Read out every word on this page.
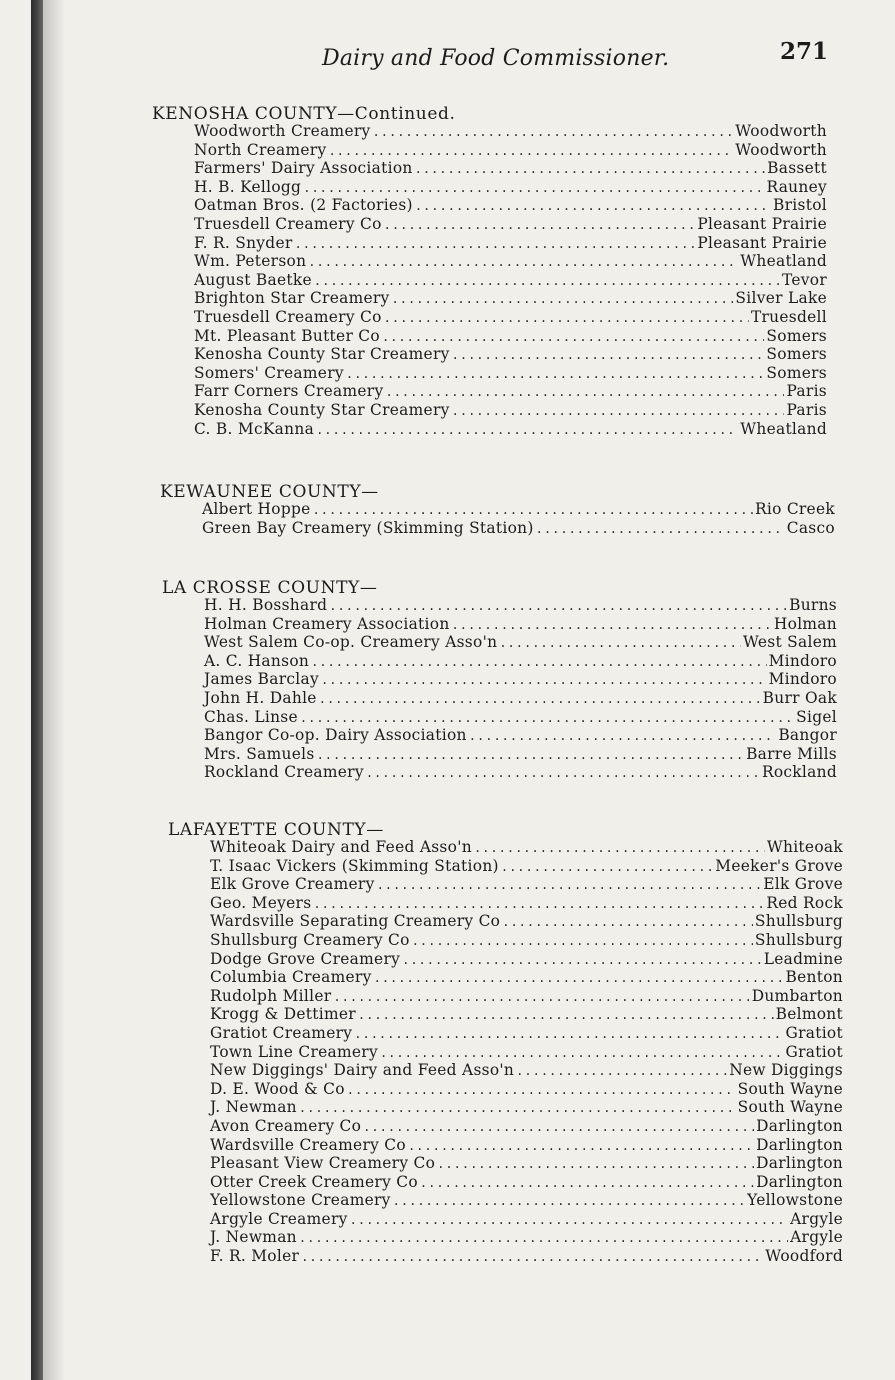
Dairy and Food Commissioner.	271
KENOSHA COUNTY—Continued.
Woodworth Creamery .....	Woodworth
North Creamery .....	Woodworth
Farmers' Dairy Association .....	Bassett
H. B. Kellogg .....	Rauney
Oatman Bros. (2 Factories) .....	Bristol
Truesdell Creamery Co .....	Pleasant Prairie
F. R. Snyder .....	Pleasant Prairie
Wm. Peterson .....	Wheatland
August Baetke .....	Tevor
Brighton Star Creamery .....	Silver Lake
Truesdell Creamery Co .....	Truesdell
Mt. Pleasant Butter Co .....	Somers
Kenosha County Star Creamery .....	Somers
Somers' Creamery .....	Somers
Farr Corners Creamery .....	Paris
Kenosha County Star Creamery .....	Paris
C. B. McKanna .....	Wheatland
KEWAUNEE COUNTY—
Albert Hoppe .....	Rio Creek
Green Bay Creamery (Skimming Station) .....	Casco
LA CROSSE COUNTY—
H. H. Bosshard .....	Burns
Holman Creamery Association .....	Holman
West Salem Co-op. Creamery Asso'n .....	West Salem
A. C. Hanson .....	Mindoro
James Barclay .....	Mindoro
John H. Dahle .....	Burr Oak
Chas. Linse .....	Sigel
Bangor Co-op. Dairy Association .....	Bangor
Mrs. Samuels .....	Barre Mills
Rockland Creamery .....	Rockland
LAFAYETTE COUNTY—
Whiteoak Dairy and Feed Asso'n .....	Whiteoak
T. Isaac Vickers (Skimming Station) .....	Meeker's Grove
Elk Grove Creamery .....	Elk Grove
Geo. Meyers .....	Red Rock
Wardsville Separating Creamery Co .....	Shullsburg
Shullsburg Creamery Co .....	Shullsburg
Dodge Grove Creamery .....	Leadmine
Columbia Creamery .....	Benton
Rudolph Miller .....	Dumbarton
Krogg & Dettimer .....	Belmont
Gratiot Creamery .....	Gratiot
Town Line Creamery .....	Gratiot
New Diggings' Dairy and Feed Asso'n .....	New Diggings
D. E. Wood & Co .....	South Wayne
J. Newman .....	South Wayne
Avon Creamery Co .....	Darlington
Wardsville Creamery Co .....	Darlington
Pleasant View Creamery Co .....	Darlington
Otter Creek Creamery Co .....	Darlington
Yellowstone Creamery .....	Yellowstone
Argyle Creamery .....	Argyle
J. Newman .....	Argyle
F. R. Moler .....	Woodford
